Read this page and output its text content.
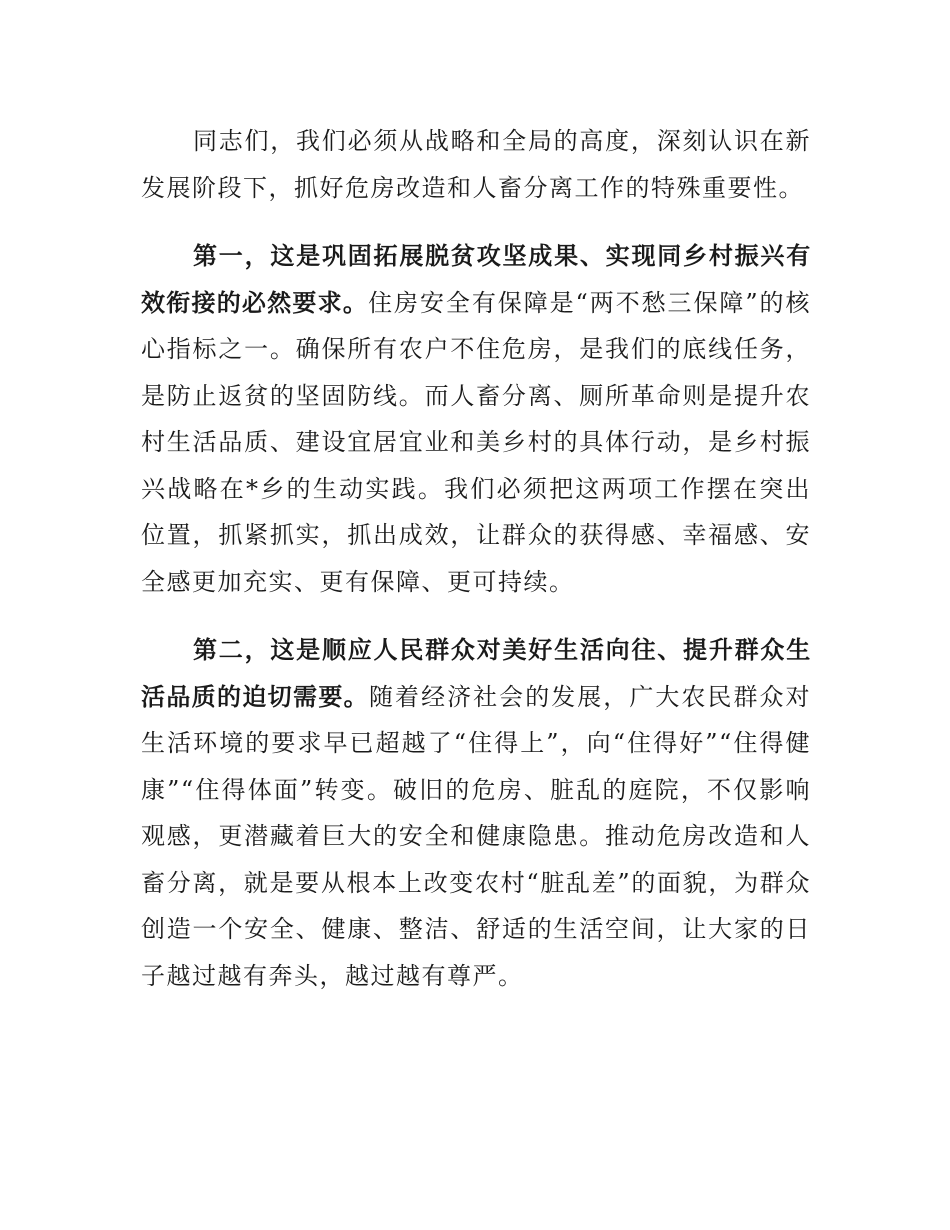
同志们，我们必须从战略和全局的高度，深刻认识在新发展阶段下，抓好危房改造和人畜分离工作的特殊重要性。

第一，这是巩固拓展脱贫攻坚成果、实现同乡村振兴有效衔接的必然要求。住房安全有保障是“两不愁三保障”的核心指标之一。确保所有农户不住危房，是我们的底线任务，是防止返贫的坚固防线。而人畜分离、厕所革命则是提升农村生活品质、建设宜居宜业和美乡村的具体行动，是乡村振兴战略在*乡的生动实践。我们必须把这两项工作摆在突出位置，抓紧抓实，抓出成效，让群众的获得感、幸福感、安全感更加充实、更有保障、更可持续。

第二，这是顺应人民群众对美好生活向往、提升群众生活品质的迫切需要。随着经济社会的发展，广大农民群众对生活环境的要求早已超越了“住得上”，向“住得好”“住得健康”“住得体面”转变。破旧的危房、脏乱的庭院，不仅影响观感，更潜藏着巨大的安全和健康隐患。推动危房改造和人畜分离，就是要从根本上改变农村“脏乱差”的面貌，为群众创造一个安全、健康、整洁、舒适的生活空间，让大家的日子越过越有奔头，越过越有尊严。
